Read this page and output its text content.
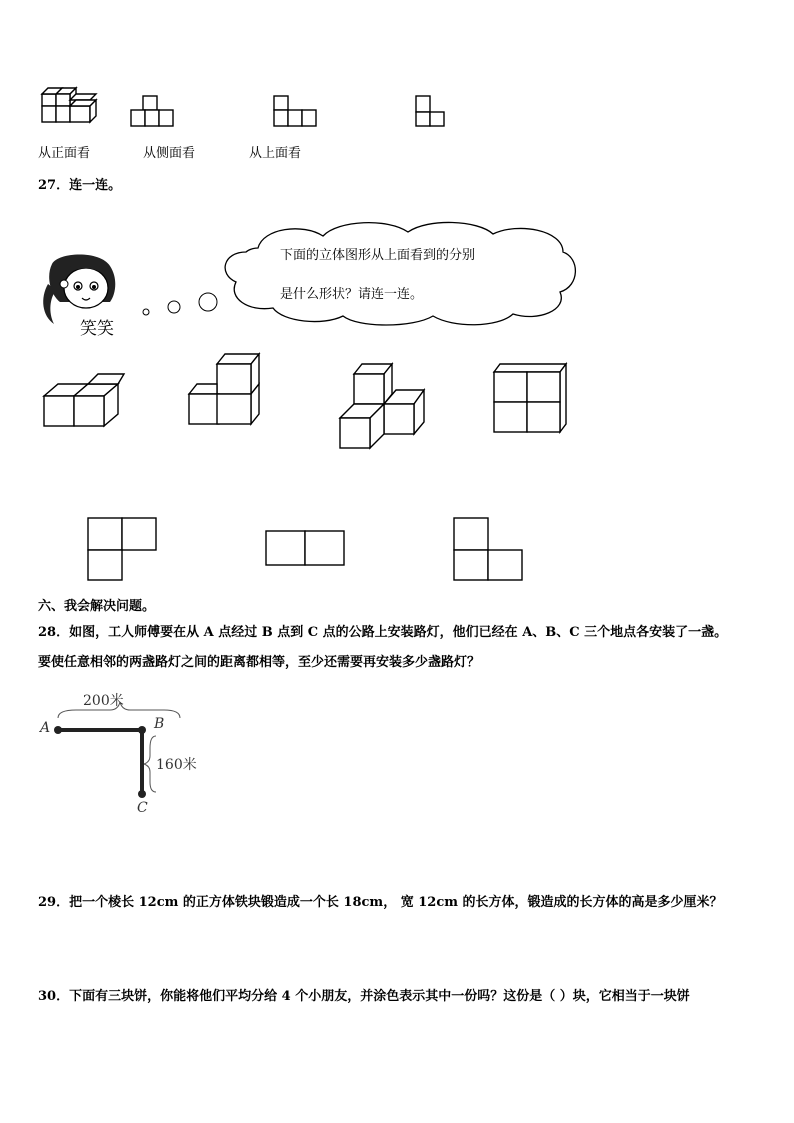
从正面看	从侧面看	从上面看
27．连一连。
笑笑
下面的立体图形从上面看到的分别
是什么形状？请连一连。
六、我会解决问题。
28．如图，工人师傅要在从 A 点经过 B 点到 C 点的公路上安装路灯，他们已经在 A、B、C 三个地点各安装了一盏。
要使任意相邻的两盏路灯之间的距离都相等，至少还需要再安装多少盏路灯？
A	B
C
200米
160米
29．把一个棱长 12cm 的正方体铁块锻造成一个长 18cm， 宽 12cm 的长方体，锻造成的长方体的高是多少厘米？
30．下面有三块饼，你能将他们平均分给 4 个小朋友，并涂色表示其中一份吗？这份是（ ）块，它相当于一块饼
